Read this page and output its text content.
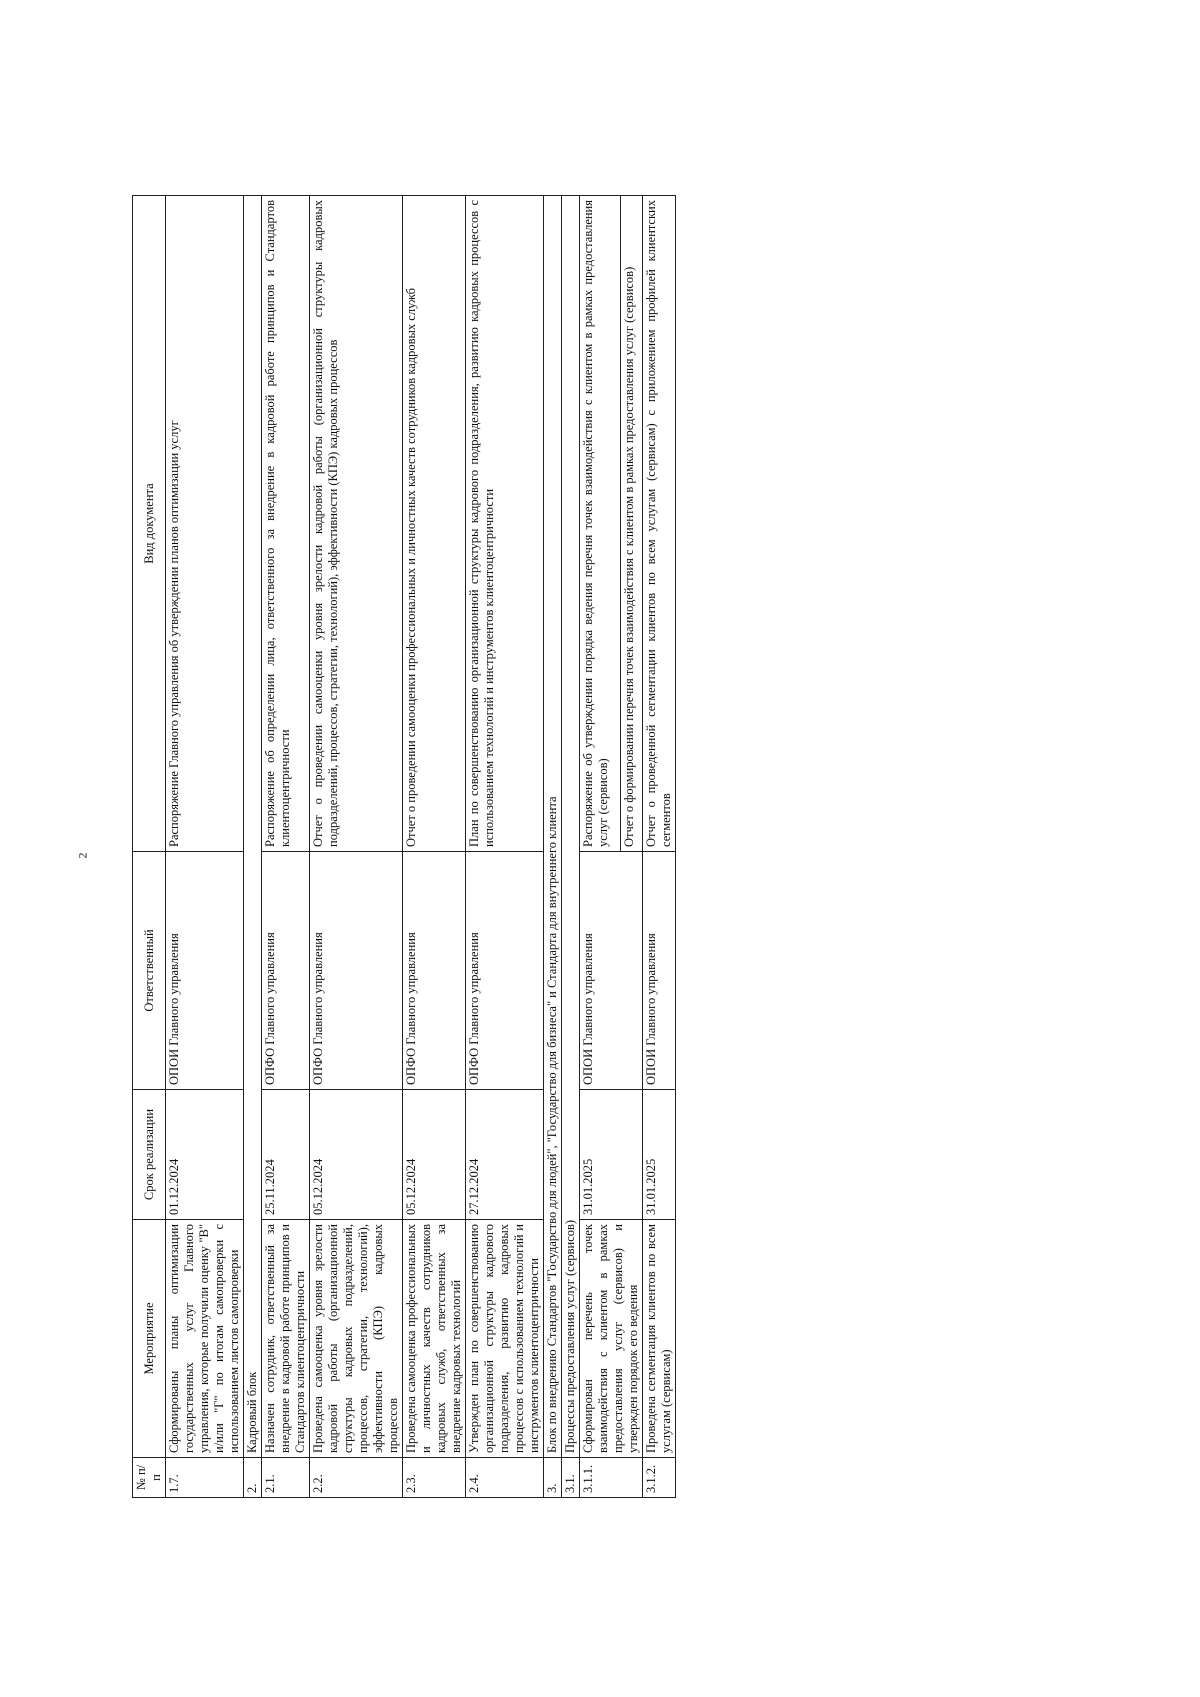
2
№ п/п	Мероприятие	Срок реализации	Ответственный	Вид документа
1.7.	Сформированы планы оптимизации государственных услуг Главного управления, которые получили оценку "В" и/или "Г" по итогам самопроверки с использованием листов самопроверки	01.12.2024	ОПОИ Главного управления	Распоряжение Главного управления об утверждении планов оптимизации услуг
2.	Кадровый блок			
2.1.	Назначен сотрудник, ответственный за внедрение в кадровой работе принципов и Стандартов клиентоцентричности	25.11.2024	ОПФО Главного управления	Распоряжение об определении лица, ответственного за внедрение в кадровой работе принципов и Стандартов клиентоцентричности
2.2.	Проведена самооценка уровня зрелости кадровой работы (организационной структуры кадровых подразделений, процессов, стратегии, технологий), эффективности (КПЭ) кадровых процессов	05.12.2024	ОПФО Главного управления	Отчет о проведении самооценки уровня зрелости кадровой работы (организационной структуры кадровых подразделений, процессов, стратегии, технологий), эффективности (КПЭ) кадровых процессов
2.3.	Проведена самооценка профессиональных и личностных качеств сотрудников кадровых служб, ответственных за внедрение кадровых технологий	05.12.2024	ОПФО Главного управления	Отчет о проведении самооценки профессиональных и личностных качеств сотрудников кадровых служб
2.4.	Утвержден план по совершенствованию организационной структуры кадрового подразделения, развитию кадровых процессов с использованием технологий и инструментов клиентоцентричности	27.12.2024	ОПФО Главного управления	План по совершенствованию организационной структуры кадрового подразделения, развитию кадровых процессов с использованием технологий и инструментов клиентоцентричности
3.	Блок по внедрению Стандартов "Государство для людей", "Государство для бизнеса" и Стандарта для внутреннего клиента			
3.1.	Процессы предоставления услуг (сервисов)			
3.1.1.	Сформирован перечень точек взаимодействия с клиентом в рамках предоставления услуг (сервисов) и утвержден порядок его ведения	31.01.2025	ОПОИ Главного управления	Распоряжение об утверждении порядка ведения перечня точек взаимодействия с клиентом в рамках предоставления услуг (сервисов)
				Отчет о формировании перечня точек взаимодействия с клиентом в рамках предоставления услуг (сервисов)
3.1.2.	Проведена сегментация клиентов по всем услугам (сервисам)	31.01.2025	ОПОИ Главного управления	Отчет о проведенной сегментации клиентов по всем услугам (сервисам) с приложением профилей клиентских сегментов
